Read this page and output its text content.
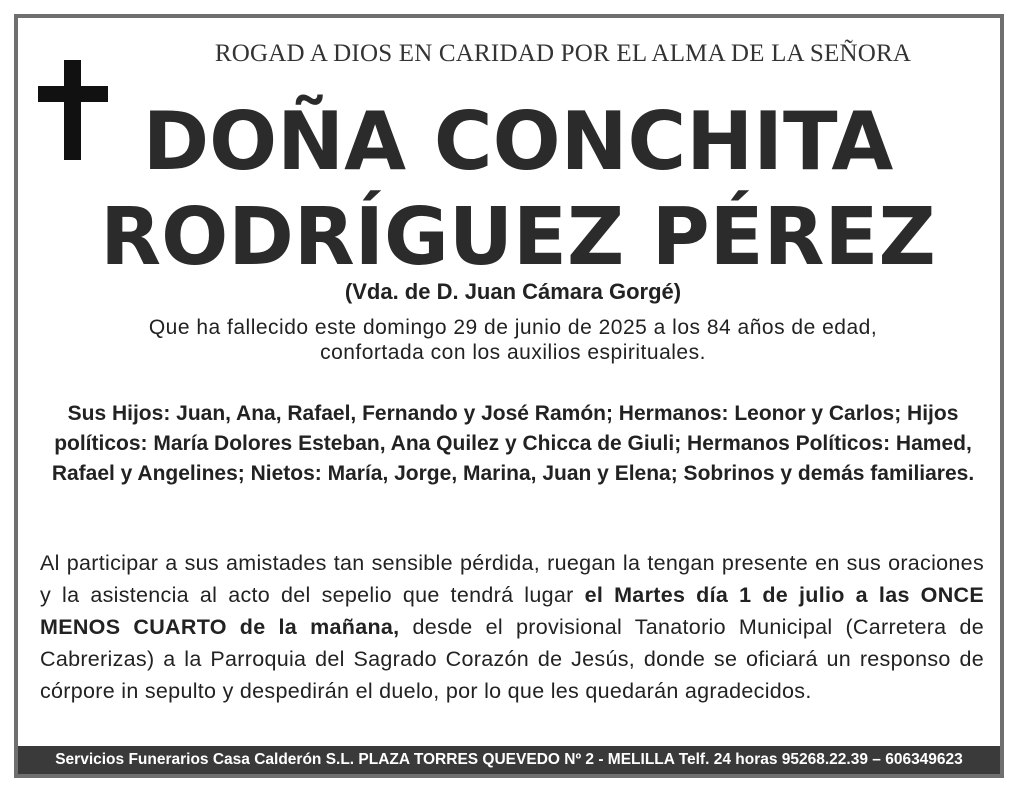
ROGAD A DIOS EN CARIDAD POR EL ALMA DE LA SEÑORA
DOÑA CONCHITA
RODRÍGUEZ PÉREZ
(Vda. de D. Juan Cámara Gorgé)
Que ha fallecido este domingo 29 de junio de 2025 a los 84 años de edad,
confortada con los auxilios espirituales.
Sus Hijos: Juan, Ana, Rafael, Fernando y José Ramón; Hermanos: Leonor y Carlos; Hijos políticos: María Dolores Esteban, Ana Quilez y Chicca de Giuli; Hermanos Políticos: Hamed, Rafael y Angelines; Nietos: María, Jorge, Marina, Juan y Elena; Sobrinos y demás familiares.
Al participar a sus amistades tan sensible pérdida, ruegan la tengan presente en sus oraciones y la asistencia al acto del sepelio que tendrá lugar el Martes día 1 de julio a las ONCE MENOS CUARTO de la mañana, desde el provisional Tanatorio Municipal (Carretera de Cabrerizas) a la Parroquia del Sagrado Corazón de Jesús, donde se oficiará un responso de córpore in sepulto y despedirán el duelo, por lo que les quedarán agradecidos.
Servicios Funerarios Casa Calderón S.L. PLAZA TORRES QUEVEDO Nº 2 - MELILLA Telf. 24 horas 95268.22.39 – 606349623
